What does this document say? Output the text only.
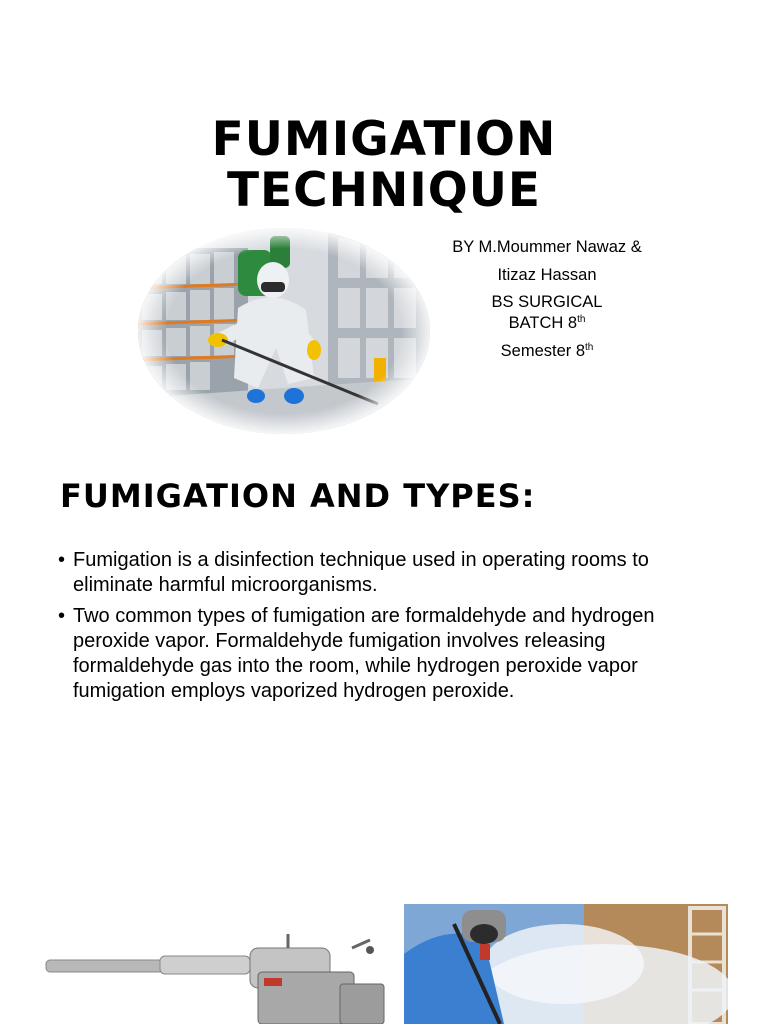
FUMIGATION
TECHNIQUE
BY M.Moummer Nawaz &
Itizaz Hassan
BS SURGICAL
BATCH 8th
Semester 8th
FUMIGATION AND TYPES:
• Fumigation is a disinfection technique used in operating rooms to eliminate harmful microorganisms.
• Two common types of fumigation are formaldehyde and hydrogen peroxide vapor. Formaldehyde fumigation involves releasing formaldehyde gas into the room, while hydrogen peroxide vapor fumigation employs vaporized hydrogen peroxide.
